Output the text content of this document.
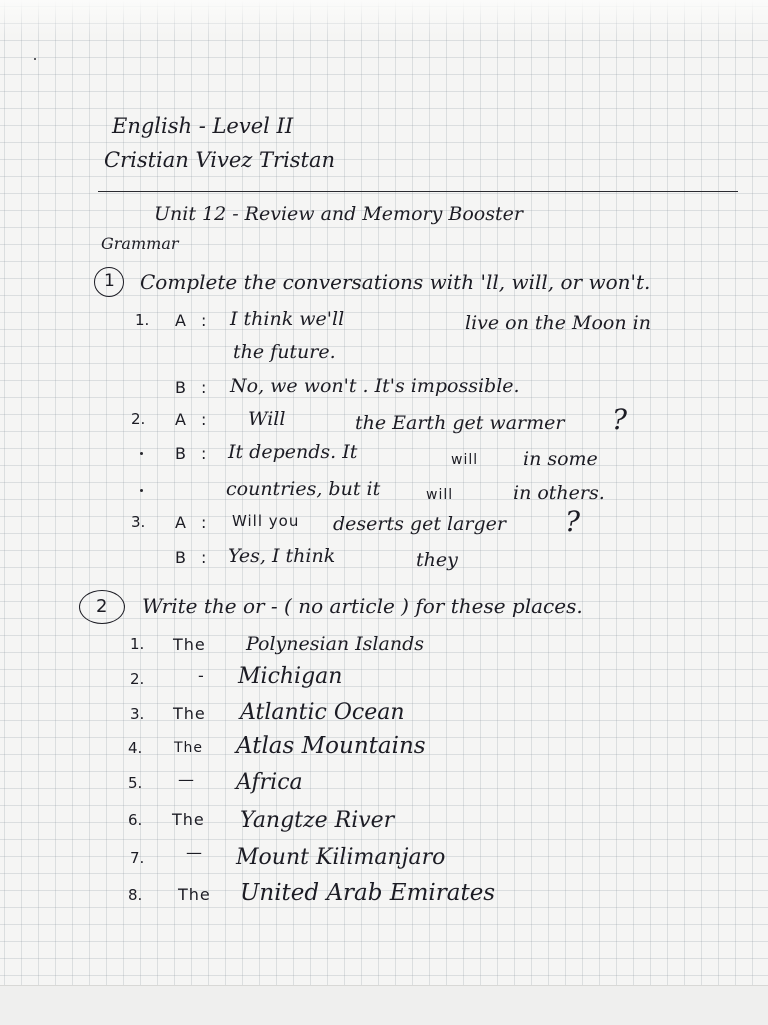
English - Level II
Cristian Vivez Tristan
Unit 12 - Review and Memory Booster
Grammar
1 Complete the conversations with 'll, will, or won't.
1. A : I think we'll	live on the Moon in
the future.
B : No, we won't . It's impossible.
2. A : Will	the Earth get warmer ?
B : It depends. It	will in some
countries, but it	will	in others.
3. A : Will you deserts get larger ?
B : Yes, I think	they
2 Write the or - ( no article ) for these places.
1. The Polynesian Islands
2.	- Michigan
3. The Atlantic Ocean
4. The Atlas Mountains
5. — Africa
6. The Yangtze River
7.	— Mount Kilimanjaro
8. The United Arab Emirates
